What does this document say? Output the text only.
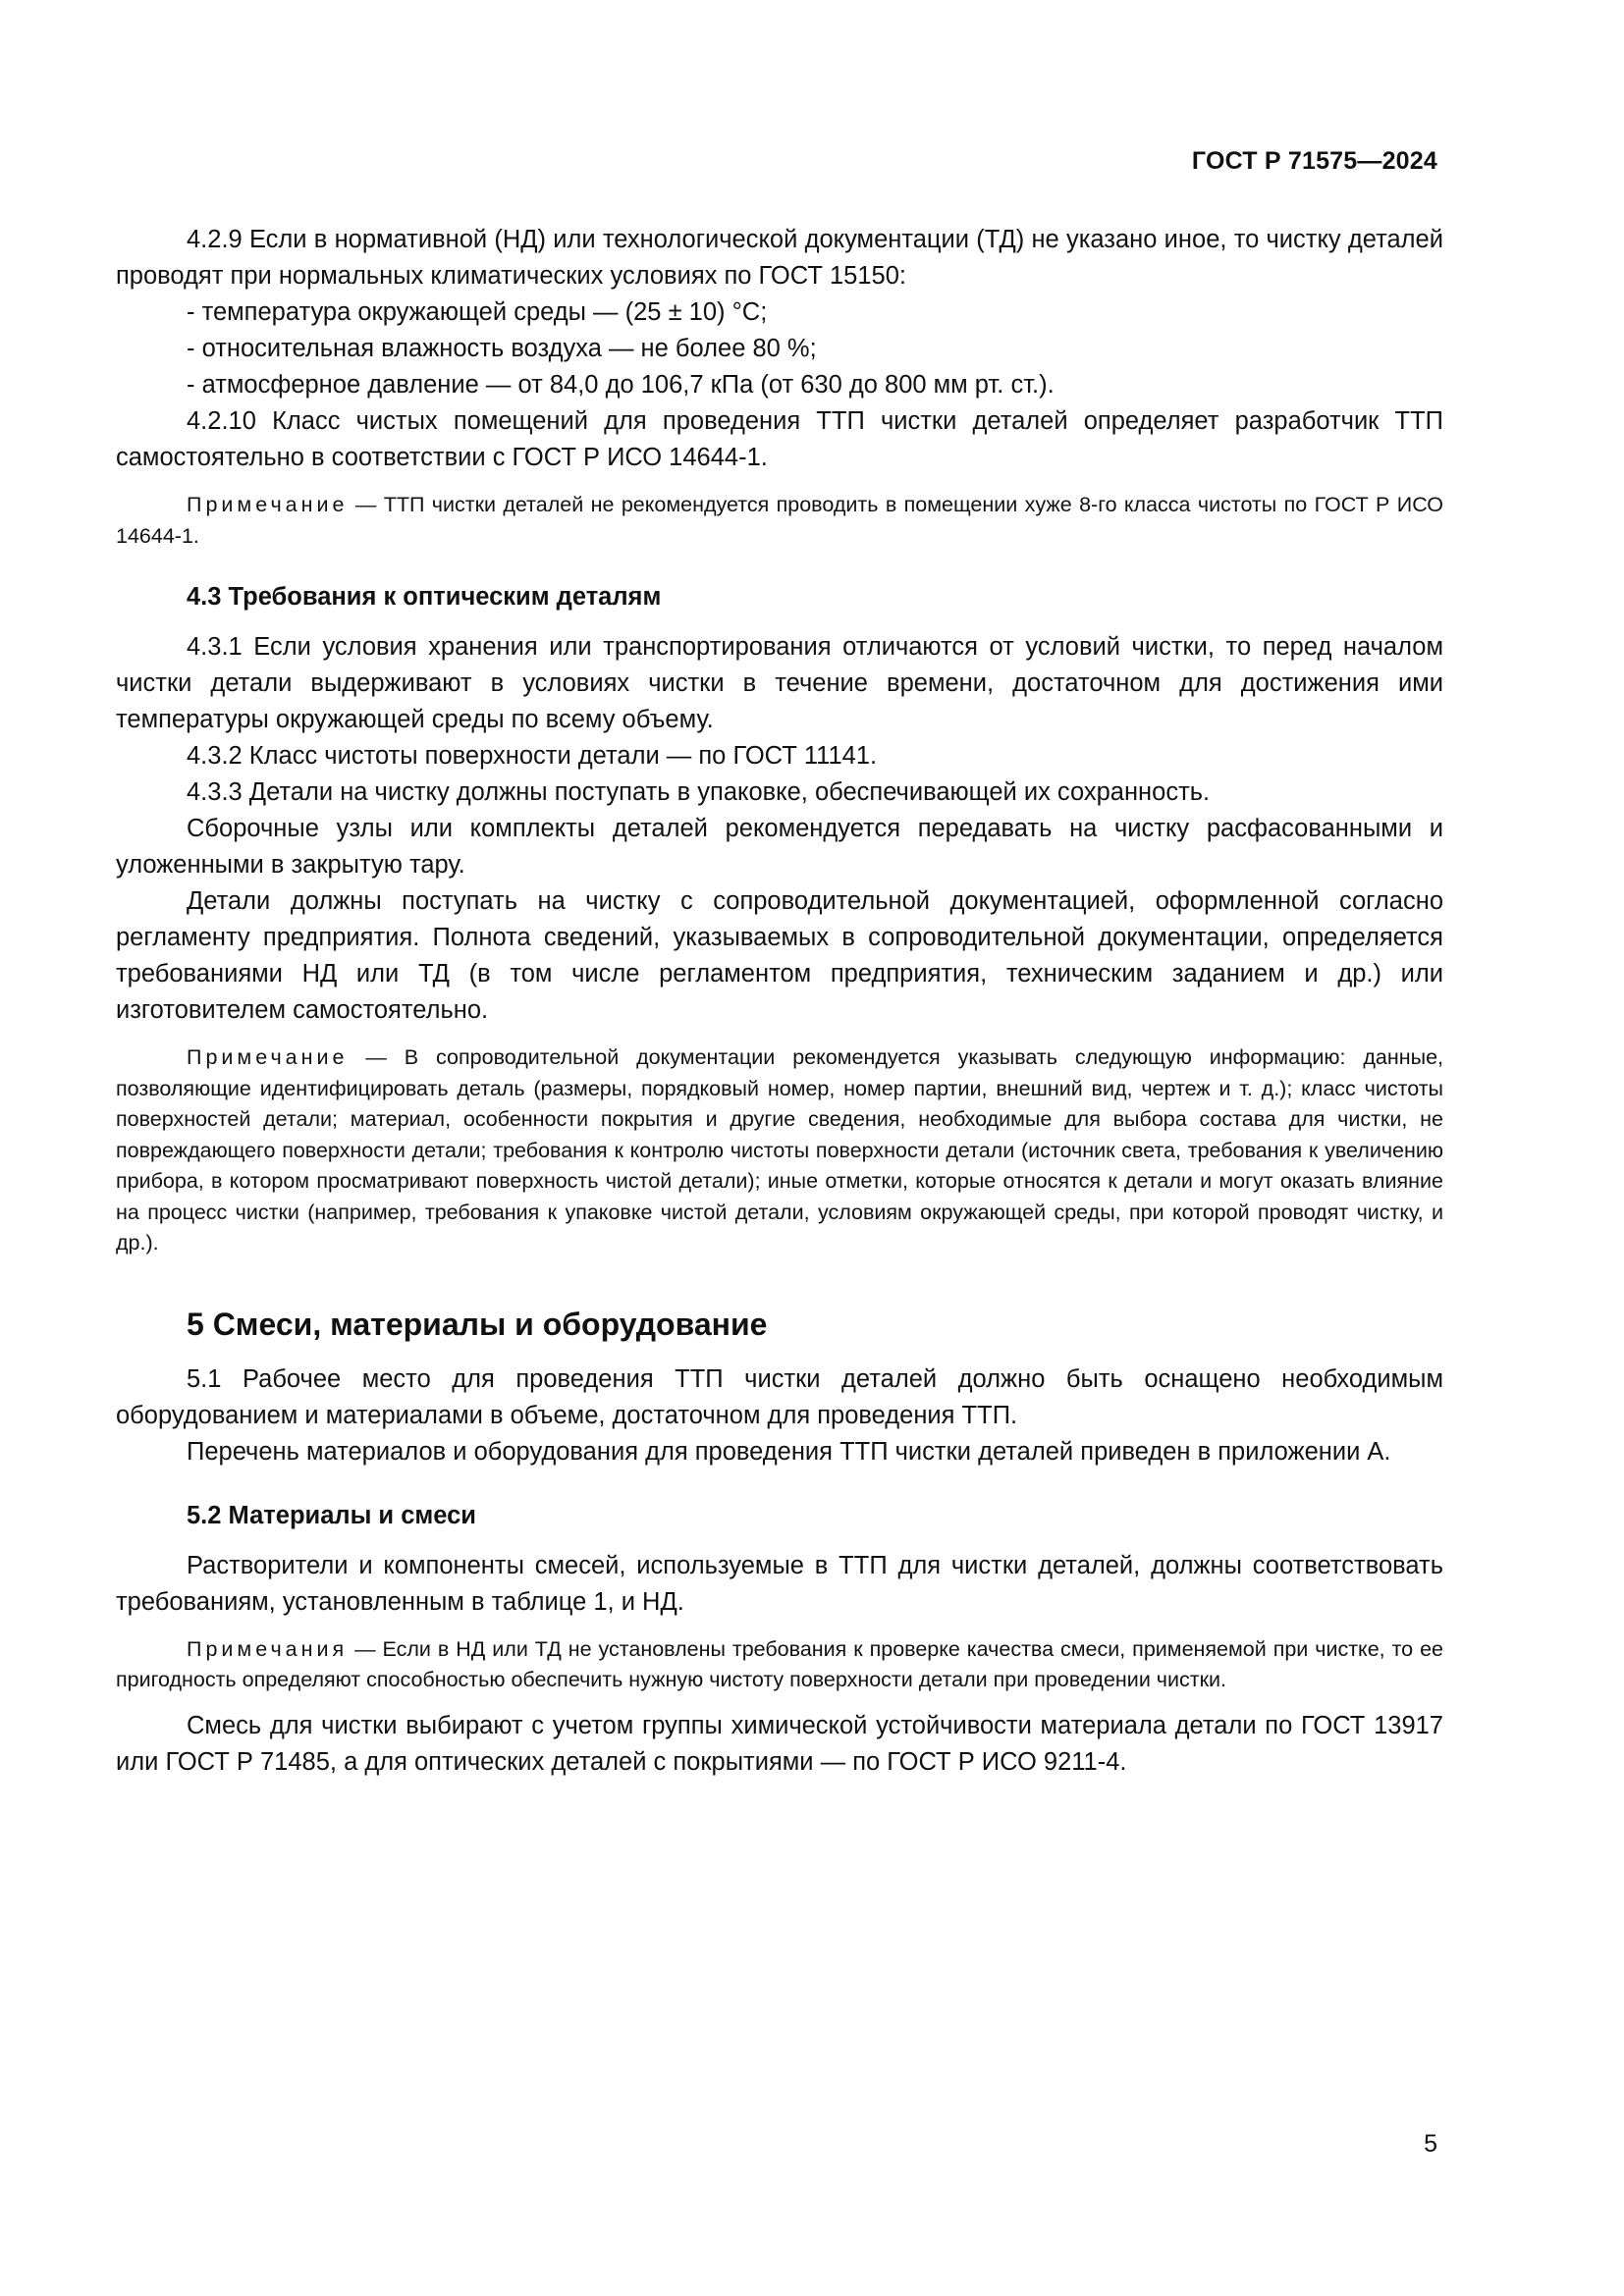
ГОСТ Р 71575—2024

4.2.9 Если в нормативной (НД) или технологической документации (ТД) не указано иное, то чистку деталей проводят при нормальных климатических условиях по ГОСТ 15150:

- температура окружающей среды — (25 ± 10) °С;

- относительная влажность воздуха — не более 80 %;

- атмосферное давление — от 84,0 до 106,7 кПа (от 630 до 800 мм рт. ст.).

4.2.10 Класс чистых помещений для проведения ТТП чистки деталей определяет разработчик ТТП самостоятельно в соответствии с ГОСТ Р ИСО 14644-1.

Примечание — ТТП чистки деталей не рекомендуется проводить в помещении хуже 8-го класса чистоты по ГОСТ Р ИСО 14644-1.

4.3 Требования к оптическим деталям

4.3.1 Если условия хранения или транспортирования отличаются от условий чистки, то перед началом чистки детали выдерживают в условиях чистки в течение времени, достаточном для достижения ими температуры окружающей среды по всему объему.

4.3.2 Класс чистоты поверхности детали — по ГОСТ 11141.

4.3.3 Детали на чистку должны поступать в упаковке, обеспечивающей их сохранность.

Сборочные узлы или комплекты деталей рекомендуется передавать на чистку расфасованными и уложенными в закрытую тару.

Детали должны поступать на чистку с сопроводительной документацией, оформленной согласно регламенту предприятия. Полнота сведений, указываемых в сопроводительной документации, определяется требованиями НД или ТД (в том числе регламентом предприятия, техническим заданием и др.) или изготовителем самостоятельно.

Примечание — В сопроводительной документации рекомендуется указывать следующую информацию: данные, позволяющие идентифицировать деталь (размеры, порядковый номер, номер партии, внешний вид, чертеж и т. д.); класс чистоты поверхностей детали; материал, особенности покрытия и другие сведения, необходимые для выбора состава для чистки, не повреждающего поверхности детали; требования к контролю чистоты поверхности детали (источник света, требования к увеличению прибора, в котором просматривают поверхность чистой детали); иные отметки, которые относятся к детали и могут оказать влияние на процесс чистки (например, требования к упаковке чистой детали, условиям окружающей среды, при которой проводят чистку, и др.).

5 Смеси, материалы и оборудование

5.1 Рабочее место для проведения ТТП чистки деталей должно быть оснащено необходимым оборудованием и материалами в объеме, достаточном для проведения ТТП.

Перечень материалов и оборудования для проведения ТТП чистки деталей приведен в приложении А.

5.2 Материалы и смеси

Растворители и компоненты смесей, используемые в ТТП для чистки деталей, должны соответствовать требованиям, установленным в таблице 1, и НД.

Примечания — Если в НД или ТД не установлены требования к проверке качества смеси, применяемой при чистке, то ее пригодность определяют способностью обеспечить нужную чистоту поверхности детали при проведении чистки.

Смесь для чистки выбирают с учетом группы химической устойчивости материала детали по ГОСТ 13917 или ГОСТ Р 71485, а для оптических деталей с покрытиями — по ГОСТ Р ИСО 9211-4.

5
